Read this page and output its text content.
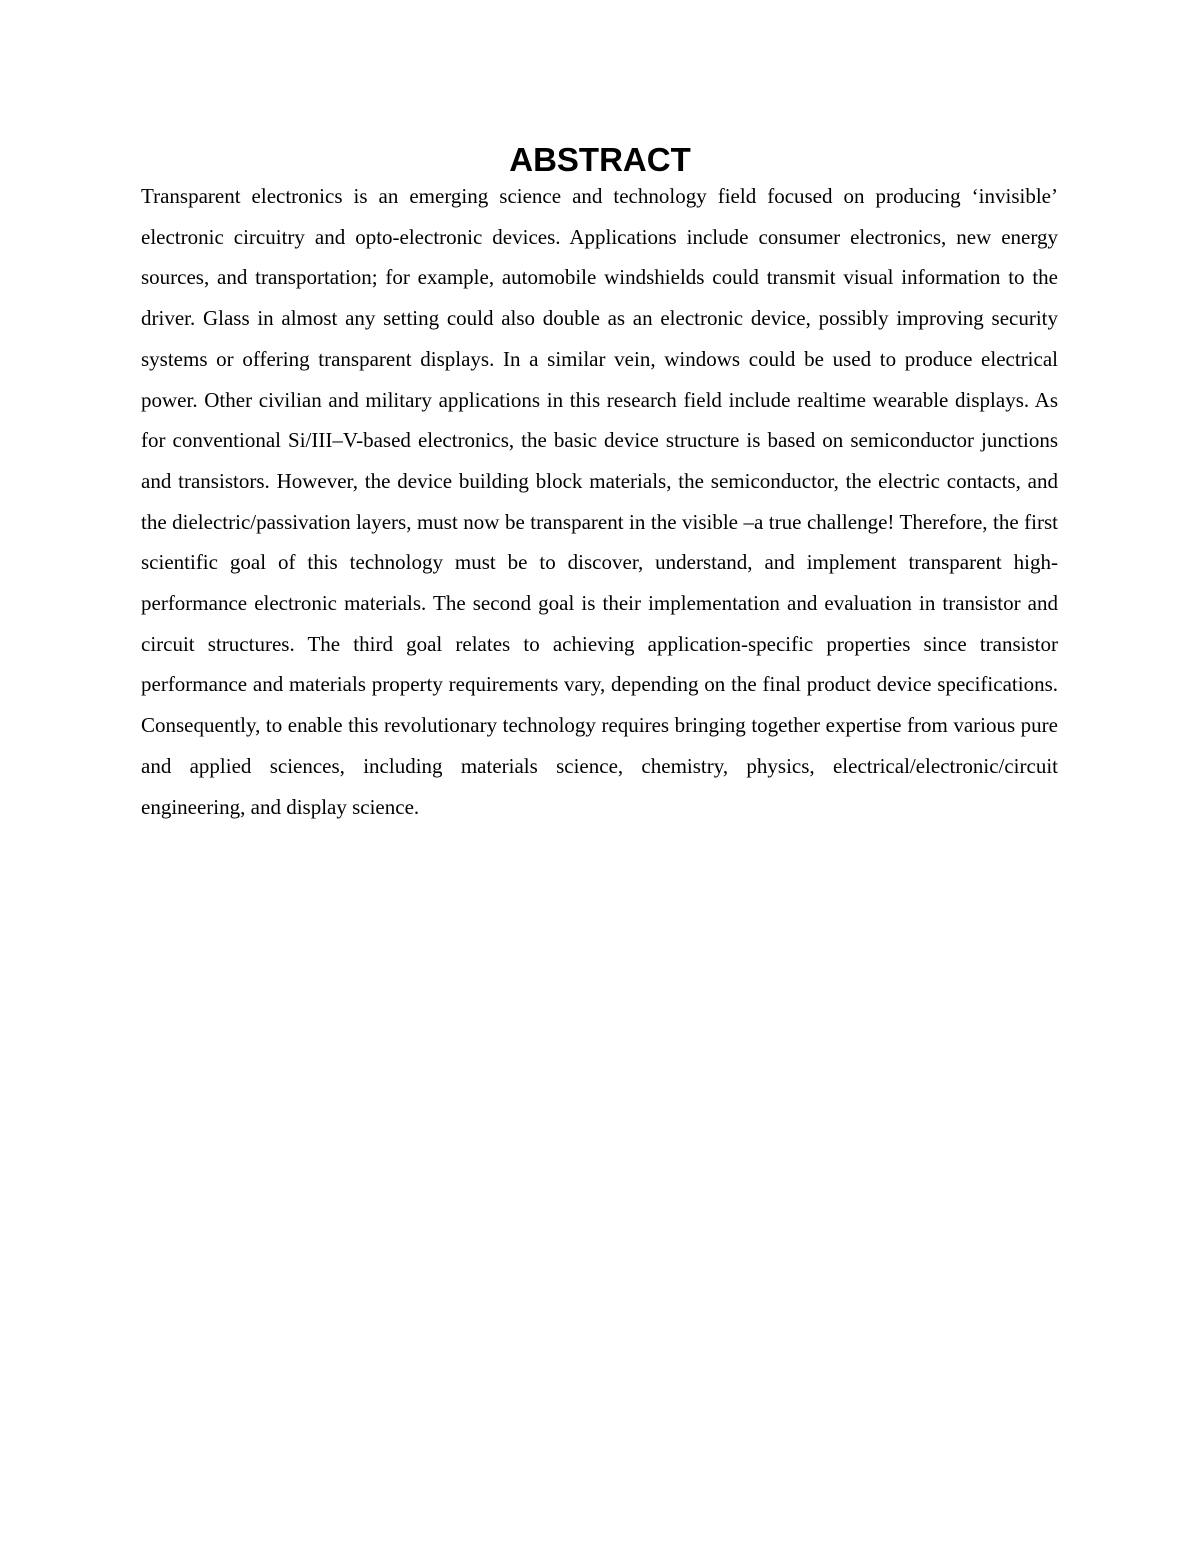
ABSTRACT

Transparent electronics is an emerging science and technology field focused on producing ‘invisible’ electronic circuitry and opto-electronic devices. Applications include consumer electronics, new energy sources, and transportation; for example, automobile windshields could transmit visual information to the driver. Glass in almost any setting could also double as an electronic device, possibly improving security systems or offering transparent displays. In a similar vein, windows could be used to produce electrical power. Other civilian and military applications in this research field include realtime wearable displays. As for conventional Si/III–V-based electronics, the basic device structure is based on semiconductor junctions and transistors. However, the device building block materials, the semiconductor, the electric contacts, and the dielectric/passivation layers, must now be transparent in the visible –a true challenge! Therefore, the first scientific goal of this technology must be to discover, understand, and implement transparent high-performance electronic materials. The second goal is their implementation and evaluation in transistor and circuit structures. The third goal relates to achieving application-specific properties since transistor performance and materials property requirements vary, depending on the final product device specifications. Consequently, to enable this revolutionary technology requires bringing together expertise from various pure and applied sciences, including materials science, chemistry, physics, electrical/electronic/circuit engineering, and display science.
